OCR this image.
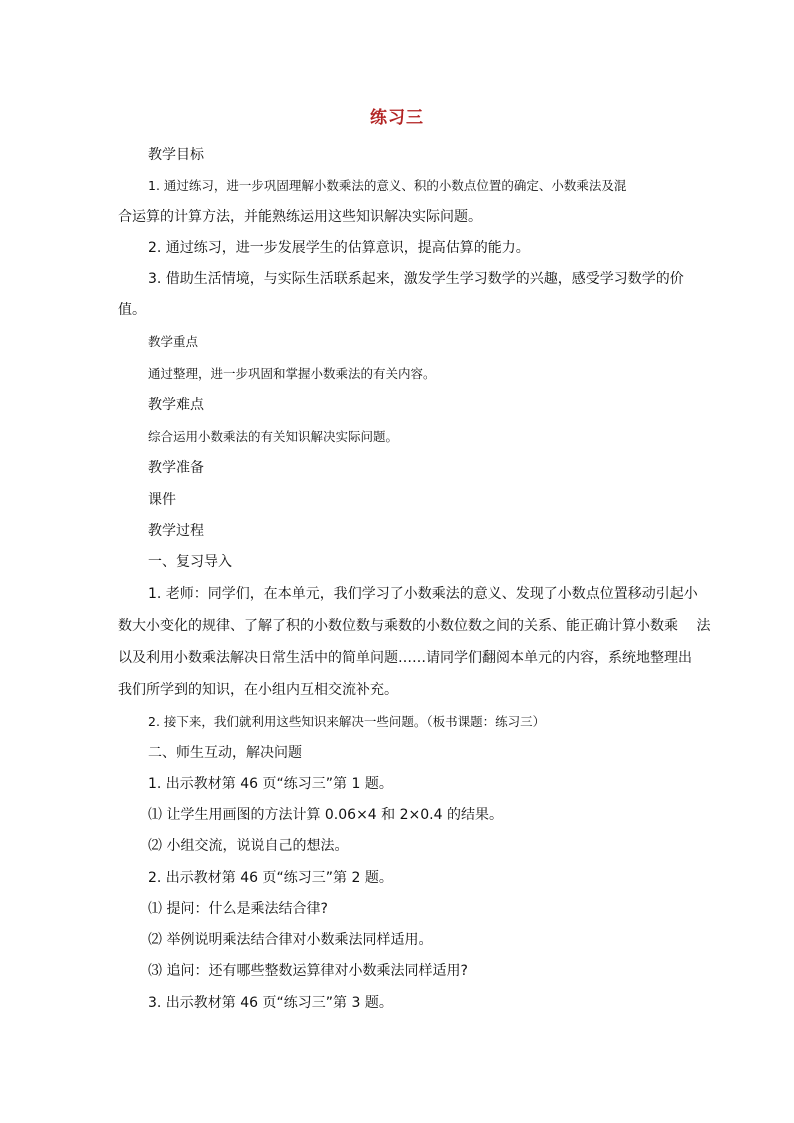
练习三
教学目标
1. 通过练习，进一步巩固理解小数乘法的意义、积的小数点位置的确定、小数乘法及混
合运算的计算方法，并能熟练运用这些知识解决实际问题。
2. 通过练习，进一步发展学生的估算意识，提高估算的能力。
3. 借助生活情境，与实际生活联系起来，激发学生学习数学的兴趣，感受学习数学的价
值。
教学重点
通过整理，进一步巩固和掌握小数乘法的有关内容。
教学难点
综合运用小数乘法的有关知识解决实际问题。
教学准备
课件
教学过程
一、复习导入
1. 老师：同学们，在本单元，我们学习了小数乘法的意义、发现了小数点位置移动引起小
数大小变化的规律、了解了积的小数位数与乘数的小数位数之间的关系、能正确计算小数乘　 法
以及利用小数乘法解决日常生活中的简单问题……请同学们翻阅本单元的内容，系统地整理出
我们所学到的知识，在小组内互相交流补充。
2. 接下来，我们就利用这些知识来解决一些问题。（板书课题：练习三）
二、师生互动，解决问题
1. 出示教材第 46 页“练习三”第 1 题。
⑴ 让学生用画图的方法计算 0.06×4 和 2×0.4 的结果。
⑵ 小组交流，说说自己的想法。
2. 出示教材第 46 页“练习三”第 2 题。
⑴ 提问：什么是乘法结合律?
⑵ 举例说明乘法结合律对小数乘法同样适用。
⑶ 追问：还有哪些整数运算律对小数乘法同样适用?
3. 出示教材第 46 页“练习三”第 3 题。
